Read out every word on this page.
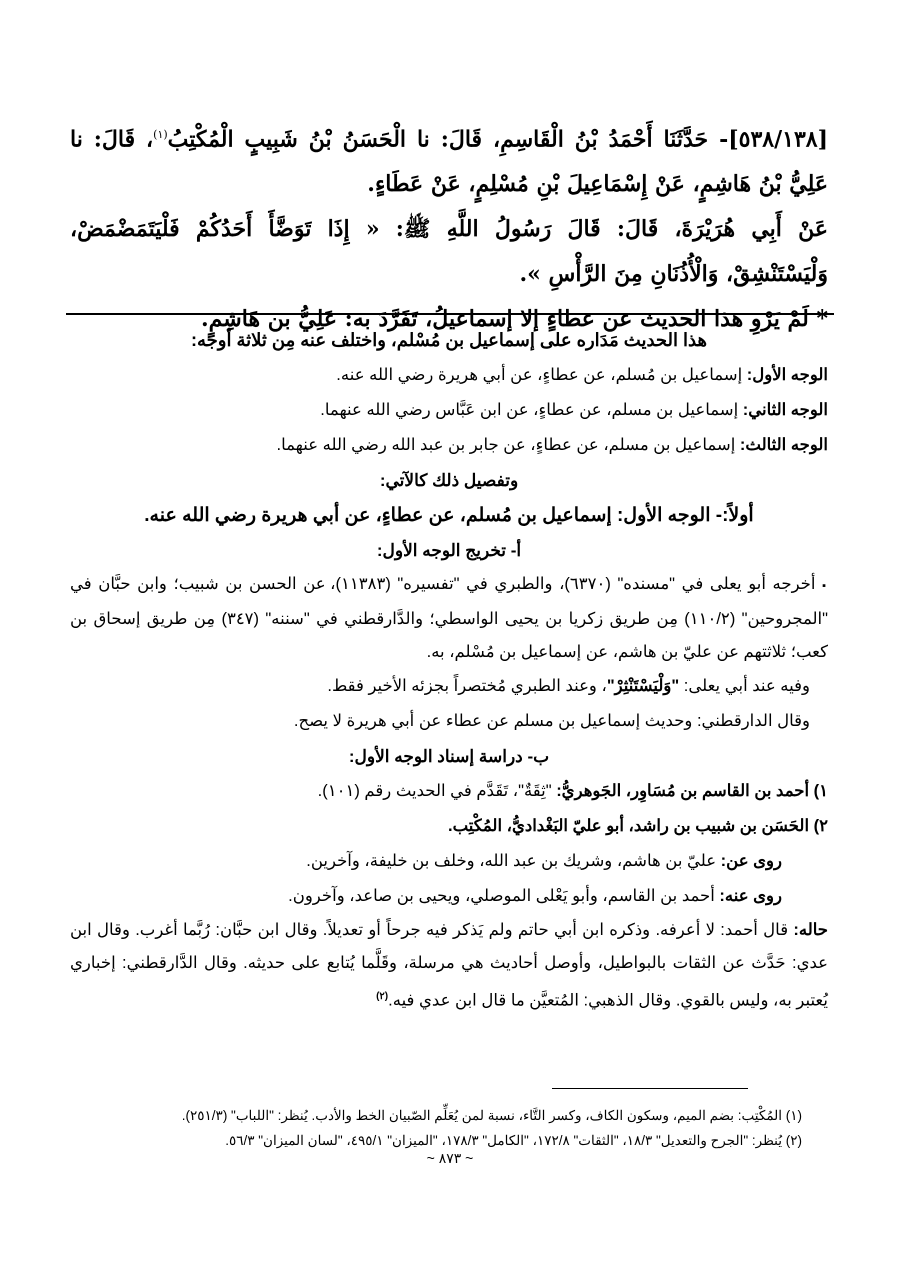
[٥٣٨/١٣٨]- حَدَّثَنَا أَحْمَدُ بْنُ الْقَاسِمِ، قَالَ: نا الْحَسَنُ بْنُ شَبِيبٍ الْمُكْتِبُ$^{(١)}$، قَالَ: نا عَلِيُّ بْنُ هَاشِمٍ، عَنْ إِسْمَاعِيلَ بْنِ مُسْلِمٍ، عَنْ عَطَاءٍ.

عَنْ أَبِي هُرَيْرَةَ، قَالَ: قَالَ رَسُولُ اللَّهِ ﷺ: « إِذَا تَوَضَّأَ أَحَدُكُمْ فَلْيَتَمَضْمَضْ، وَلْيَسْتَنْشِقْ، وَالْأُذُنَانِ مِنَ الرَّأْسِ ».

* لَمْ يَرْوِ هذا الحديث عن عطاءٍ إلا إسماعيلُ، تَفَرَّدَ به: عَلِيُّ بن هَاشِمٍ.

هذا الحديث مَدَاره على إسماعيل بن مُسْلم، واختلف عنه مِن ثلاثة أوجه:

الوجه الأول: إسماعيل بن مُسلم، عن عطاءٍ، عن أبي هريرة رضي الله عنه.

الوجه الثاني: إسماعيل بن مسلم، عن عطاءٍ، عن ابن عَبَّاس رضي الله عنهما.

الوجه الثالث: إسماعيل بن مسلم، عن عطاءٍ، عن جابر بن عبد الله رضي الله عنهما.

وتفصيل ذلك كالآتي:

أولاً:- الوجه الأول: إسماعيل بن مُسلم، عن عطاءٍ، عن أبي هريرة رضي الله عنه.

أ- تخريج الوجه الأول:

▪ أخرجه أبو يعلى في "مسنده" (٦٣٧٠)، والطبري في "تفسيره" (١١٣٨٣)، عن الحسن بن شبيب؛ وابن حبَّان في "المجروحين" (١١٠/٢) مِن طريق زكريا بن يحيى الواسطي؛ والدَّارقطني في "سننه" (٣٤٧) مِن طريق إسحاق بن كعب؛ ثلاثتهم عن عليّ بن هاشم، عن إسماعيل بن مُسْلم، به.

وفيه عند أبي يعلى: "وَلْيَسْتَنْثِرْ"، وعند الطبري مُختصراً بجزئه الأخير فقط.

وقال الدارقطني: وحديث إسماعيل بن مسلم عن عطاء عن أبي هريرة لا يصح.

ب- دراسة إسناد الوجه الأول:

١) أحمد بن القاسم بن مُسَاوِر، الجَوهريُّ: "ثِقَةٌ"، تَقَدَّم في الحديث رقم (١٠١).

٢) الحَسَن بن شبيب بن راشد، أبو عليّ البَغْداديُّ، المُكْتِب.

روى عن: عليّ بن هاشم، وشريك بن عبد الله، وخلف بن خليفة، وآخرين.

روى عنه: أحمد بن القاسم، وأبو يَعْلى الموصلي، ويحيى بن صاعد، وآخرون.

حاله: قال أحمد: لا أعرفه. وذكره ابن أبي حاتم ولم يَذكر فيه جرحاً أو تعديلاً. وقال ابن حبَّان: رُبَّما أغرب. وقال ابن عدي: حَدَّث عن الثقات بالبواطيل، وأوصل أحاديث هي مرسلة، وقَلَّما يُتابع على حديثه. وقال الدَّارقطني: إخباري يُعتبر به، وليس بالقوي. وقال الذهبي: المُتعيَّن ما قال ابن عدي فيه.$^{(٢)}$

(١) المُكْتِب: بضم الميم، وسكون الكاف، وكسر التَّاء، نسبة لمن يُعَلِّم الصّبيان الخط والأدب. يُنظر: "اللباب" (٢٥١/٣).

(٢) يُنظر: "الجرح والتعديل" ١٨/٣، "الثقات" ١٧٢/٨، "الكامل" ١٧٨/٣، "الميزان" ٤٩٥/١، "لسان الميزان" ٥٦/٣.

~ ٨٧٣ ~
